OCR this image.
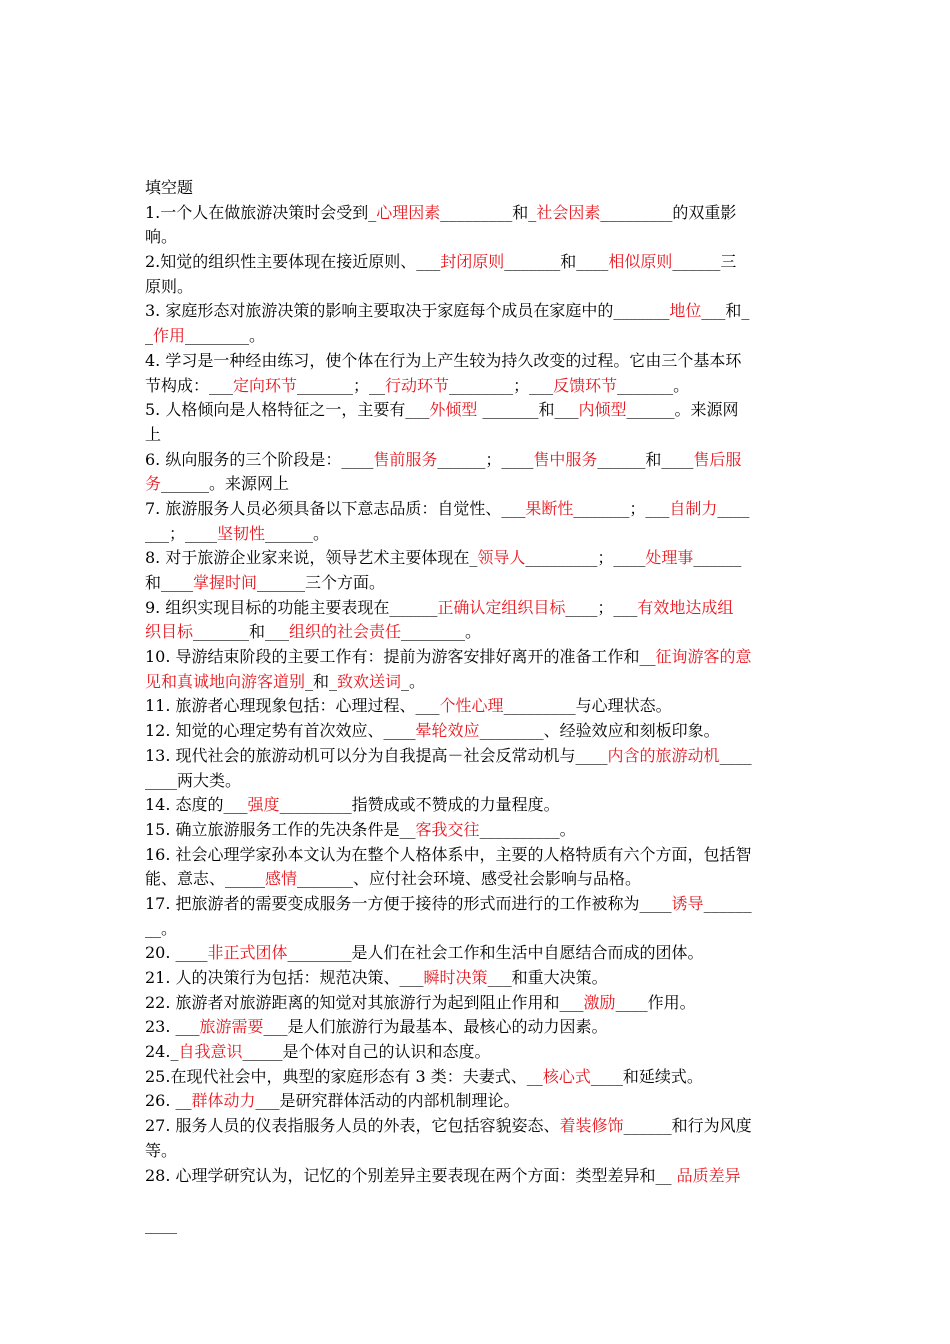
填空题
1.一个人在做旅游决策时会受到_心理因素_________和_社会因素_________的双重影
响。
2.知觉的组织性主要体现在接近原则、___封闭原则_______和____相似原则______三
原则。
3. 家庭形态对旅游决策的影响主要取决于家庭每个成员在家庭中的_______地位___和_
_作用________。
4. 学习是一种经由练习，使个体在行为上产生较为持久改变的过程。它由三个基本环
节构成：___定向环节_______；__行动环节________；___反馈环节_______。
5. 人格倾向是人格特征之一，主要有___外倾型 _______和___内倾型______。来源网
上
6. 纵向服务的三个阶段是：____售前服务______；____售中服务______和____售后服
务______。来源网上
7. 旅游服务人员必须具备以下意志品质：自觉性、___果断性_______；___自制力____
___；____坚韧性______。
8. 对于旅游企业家来说，领导艺术主要体现在_领导人_________；____处理事______
和____掌握时间______三个方面。
9. 组织实现目标的功能主要表现在______正确认定组织目标____；___有效地达成组
织目标_______和___组织的社会责任________。
10. 导游结束阶段的主要工作有：提前为游客安排好离开的准备工作和__征询游客的意
见和真诚地向游客道别_和_致欢送词_。
11. 旅游者心理现象包括：心理过程、___个性心理_________与心理状态。
12. 知觉的心理定势有首次效应、____晕轮效应________、经验效应和刻板印象。
13. 现代社会的旅游动机可以分为自我提高－社会反常动机与____内含的旅游动机____
____两大类。
14. 态度的___强度_________指赞成或不赞成的力量程度。
15. 确立旅游服务工作的先决条件是__客我交往__________。
16. 社会心理学家孙本文认为在整个人格体系中，主要的人格特质有六个方面，包括智
能、意志、_____感情_______、应付社会环境、感受社会影响与品格。
17. 把旅游者的需要变成服务一方便于接待的形式而进行的工作被称为____诱导______
__。
20. ____非正式团体________是人们在社会工作和生活中自愿结合而成的团体。
21. 人的决策行为包括：规范决策、___瞬时决策___和重大决策。
22. 旅游者对旅游距离的知觉对其旅游行为起到阻止作用和___激励____作用。
23. ___旅游需要___是人们旅游行为最基本、最核心的动力因素。
24._自我意识_____是个体对自己的认识和态度。
25.在现代社会中，典型的家庭形态有 3 类：夫妻式、__核心式____和延续式。
26. __群体动力___是研究群体活动的内部机制理论。
27. 服务人员的仪表指服务人员的外表，它包括容貌姿态、着装修饰______和行为风度
等。
28. 心理学研究认为，记忆的个别差异主要表现在两个方面：类型差异和__ 品质差异
____
